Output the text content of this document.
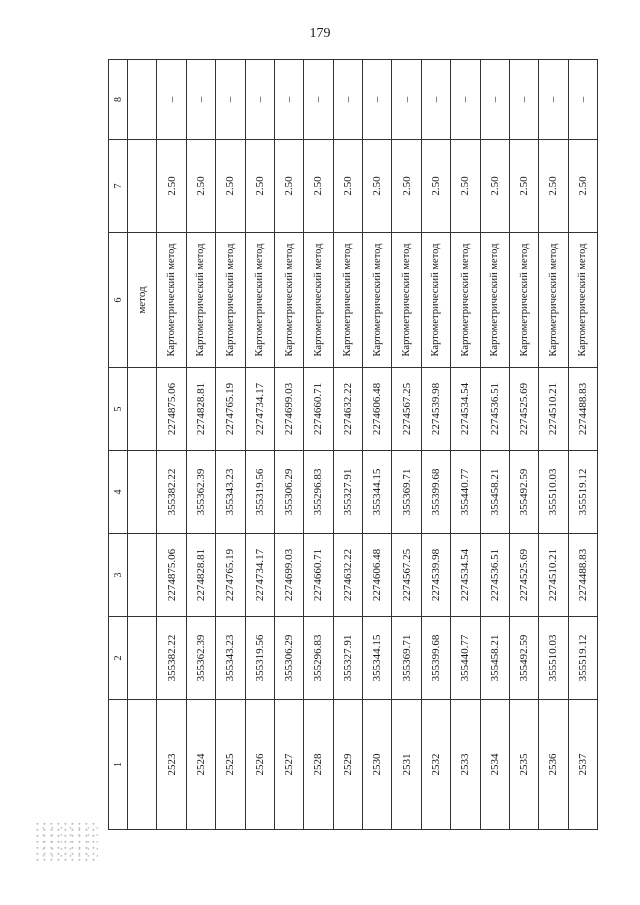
179
1	2	3	4	5	6	7	8
					метод		
2523	355382.22	2274875.06	355382.22	2274875.06	Картометрический метод	2.50	–
2524	355362.39	2274828.81	355362.39	2274828.81	Картометрический метод	2.50	–
2525	355343.23	2274765.19	355343.23	2274765.19	Картометрический метод	2.50	–
2526	355319.56	2274734.17	355319.56	2274734.17	Картометрический метод	2.50	–
2527	355306.29	2274699.03	355306.29	2274699.03	Картометрический метод	2.50	–
2528	355296.83	2274660.71	355296.83	2274660.71	Картометрический метод	2.50	–
2529	355327.91	2274632.22	355327.91	2274632.22	Картометрический метод	2.50	–
2530	355344.15	2274606.48	355344.15	2274606.48	Картометрический метод	2.50	–
2531	355369.71	2274567.25	355369.71	2274567.25	Картометрический метод	2.50	–
2532	355399.68	2274539.98	355399.68	2274539.98	Картометрический метод	2.50	–
2533	355440.77	2274534.54	355440.77	2274534.54	Картометрический метод	2.50	–
2534	355458.21	2274536.51	355458.21	2274536.51	Картометрический метод	2.50	–
2535	355492.59	2274525.69	355492.59	2274525.69	Картометрический метод	2.50	–
2536	355510.03	2274510.21	355510.03	2274510.21	Картометрический метод	2.50	–
2537	355519.12	2274488.83	355519.12	2274488.83	Картометрический метод	2.50	–
